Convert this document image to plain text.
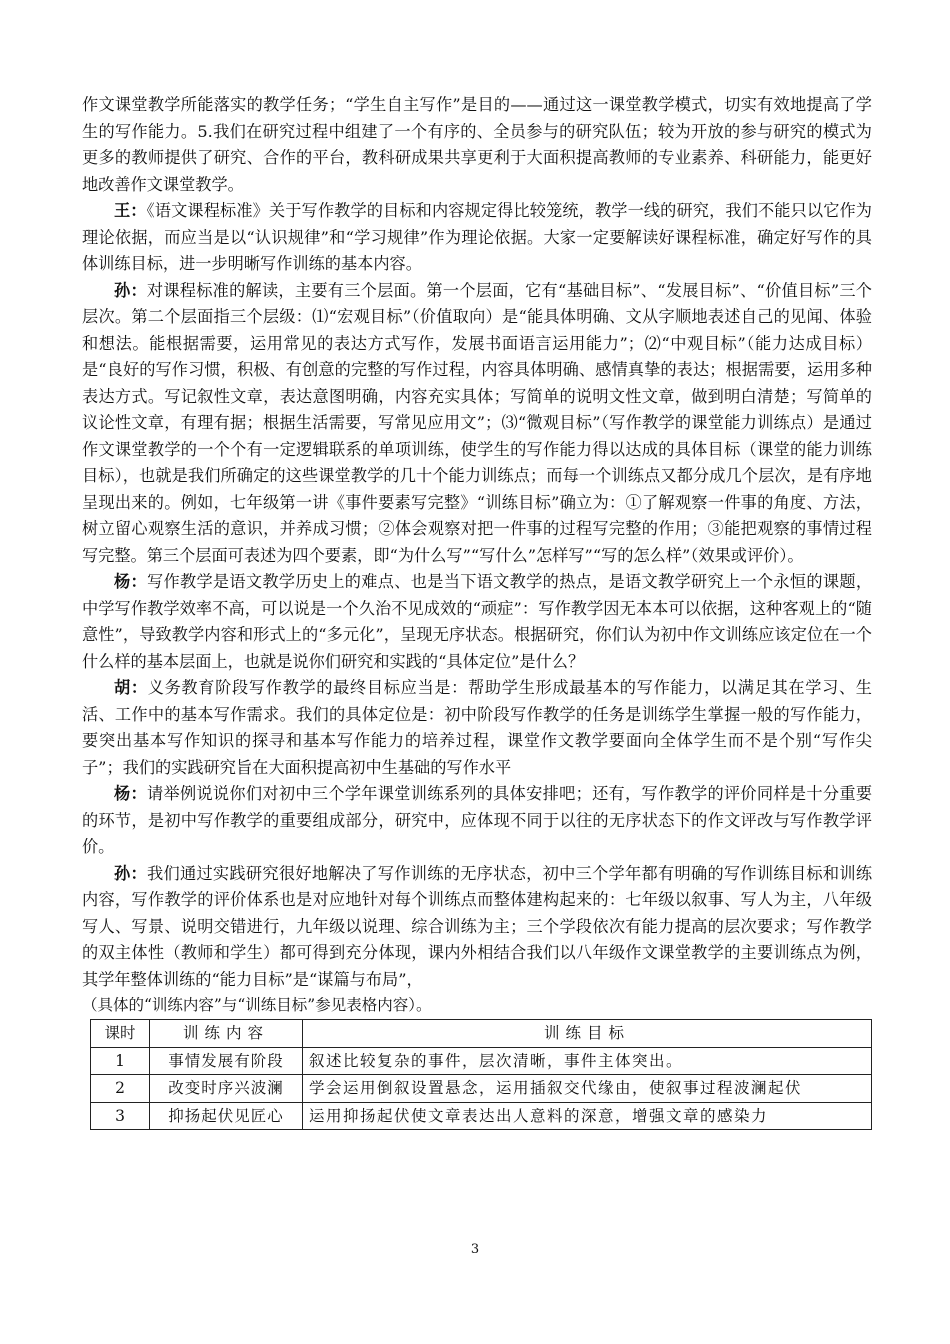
作文课堂教学所能落实的教学任务；“学生自主写作”是目的——通过这一课堂教学模式，切实有效地提高了学生的写作能力。5.我们在研究过程中组建了一个有序的、全员参与的研究队伍；较为开放的参与研究的模式为更多的教师提供了研究、合作的平台，教科研成果共享更利于大面积提高教师的专业素养、科研能力，能更好地改善作文课堂教学。

王：《语文课程标准》关于写作教学的目标和内容规定得比较笼统，教学一线的研究，我们不能只以它作为理论依据，而应当是以“认识规律”和“学习规律”作为理论依据。大家一定要解读好课程标准，确定好写作的具体训练目标，进一步明晰写作训练的基本内容。

孙：对课程标准的解读，主要有三个层面。第一个层面，它有“基础目标”、“发展目标”、“价值目标”三个层次。第二个层面指三个层级：⑴“宏观目标”（价值取向）是“能具体明确、文从字顺地表述自己的见闻、体验和想法。能根据需要，运用常见的表达方式写作，发展书面语言运用能力”；⑵“中观目标”（能力达成目标）是“良好的写作习惯，积极、有创意的完整的写作过程，内容具体明确、感情真挚的表达；根据需要，运用多种表达方式。写记叙性文章，表达意图明确，内容充实具体；写简单的说明文性文章，做到明白清楚；写简单的议论性文章，有理有据；根据生活需要，写常见应用文”；⑶“微观目标”（写作教学的课堂能力训练点）是通过作文课堂教学的一个个有一定逻辑联系的单项训练，使学生的写作能力得以达成的具体目标（课堂的能力训练目标），也就是我们所确定的这些课堂教学的几十个能力训练点；而每一个训练点又都分成几个层次，是有序地呈现出来的。例如，七年级第一讲《事件要素写完整》“训练目标”确立为：①了解观察一件事的角度、方法，树立留心观察生活的意识，并养成习惯；②体会观察对把一件事的过程写完整的作用；③能把观察的事情过程写完整。第三个层面可表述为四个要素，即“为什么写”“写什么”怎样写”“写的怎么样”（效果或评价）。

杨：写作教学是语文教学历史上的难点、也是当下语文教学的热点，是语文教学研究上一个永恒的课题，中学写作教学效率不高，可以说是一个久治不见成效的“顽症”：写作教学因无本本可以依据，这种客观上的“随意性”，导致教学内容和形式上的“多元化”，呈现无序状态。根据研究，你们认为初中作文训练应该定位在一个什么样的基本层面上，也就是说你们研究和实践的“具体定位”是什么？

胡：义务教育阶段写作教学的最终目标应当是：帮助学生形成最基本的写作能力，以满足其在学习、生活、工作中的基本写作需求。我们的具体定位是：初中阶段写作教学的任务是训练学生掌握一般的写作能力，要突出基本写作知识的探寻和基本写作能力的培养过程，课堂作文教学要面向全体学生而不是个别“写作尖子”；我们的实践研究旨在大面积提高初中生基础的写作水平

杨：请举例说说你们对初中三个学年课堂训练系列的具体安排吧；还有，写作教学的评价同样是十分重要的环节，是初中写作教学的重要组成部分，研究中，应体现不同于以往的无序状态下的作文评改与写作教学评价。

孙：我们通过实践研究很好地解决了写作训练的无序状态，初中三个学年都有明确的写作训练目标和训练内容，写作教学的评价体系也是对应地针对每个训练点而整体建构起来的：七年级以叙事、写人为主，八年级写人、写景、说明交错进行，九年级以说理、综合训练为主；三个学段依次有能力提高的层次要求；写作教学的双主体性（教师和学生）都可得到充分体现，课内外相结合我们以八年级作文课堂教学的主要训练点为例，其学年整体训练的“能力目标”是“谋篇与布局”，

（具体的“训练内容”与“训练目标”参见表格内容）。

课时	训练内容	训练目标
1	事情发展有阶段	叙述比较复杂的事件，层次清晰，事件主体突出。
2	改变时序兴波澜	学会运用倒叙设置悬念，运用插叙交代缘由，使叙事过程波澜起伏
3	抑扬起伏见匠心	运用抑扬起伏使文章表达出人意料的深意，增强文章的感染力
3
